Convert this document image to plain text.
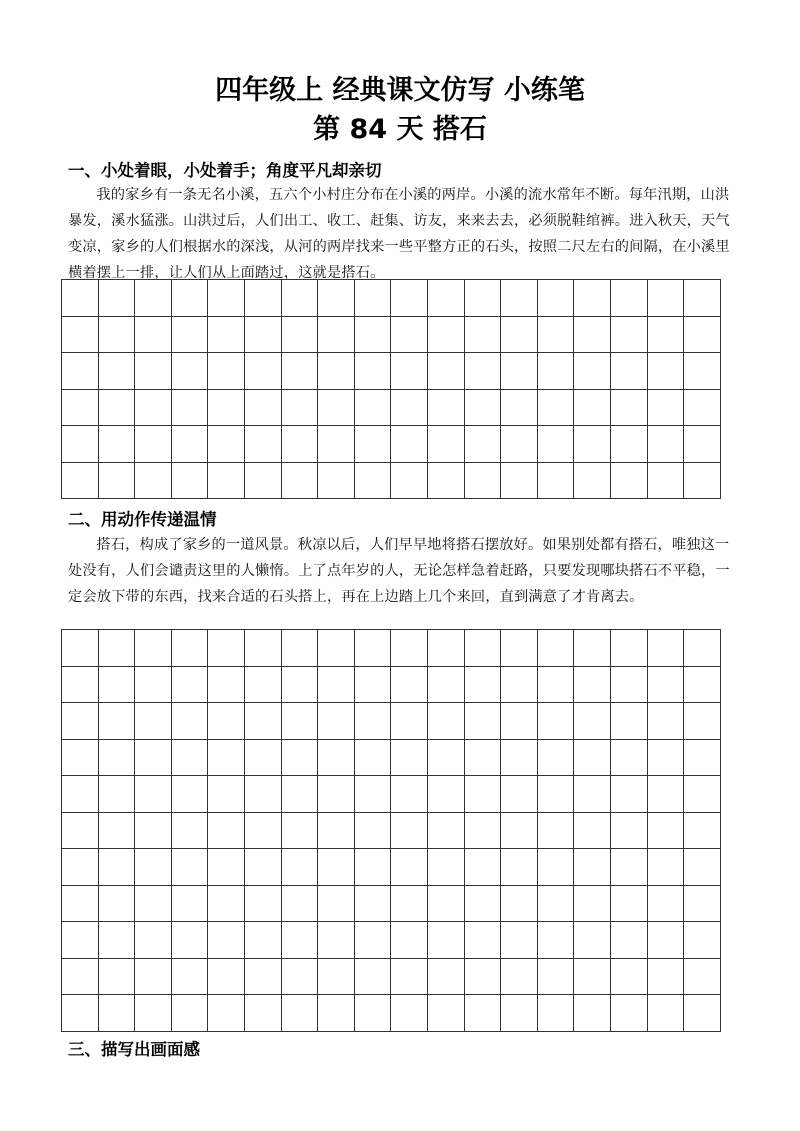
四年级上 经典课文仿写 小练笔
第 84 天 搭石
一、小处着眼，小处着手；角度平凡却亲切

我的家乡有一条无名小溪，五六个小村庄分布在小溪的两岸。小溪的流水常年不断。每年汛期，山洪暴发，溪水猛涨。山洪过后，人们出工、收工、赶集、访友，来来去去，必须脱鞋绾裤。进入秋天，天气变凉，家乡的人们根据水的深浅，从河的两岸找来一些平整方正的石头，按照二尺左右的间隔，在小溪里横着摆上一排，让人们从上面踏过，这就是搭石。

二、用动作传递温情

搭石，构成了家乡的一道风景。秋凉以后，人们早早地将搭石摆放好。如果别处都有搭石，唯独这一处没有，人们会谴责这里的人懒惰。上了点年岁的人，无论怎样急着赶路，只要发现哪块搭石不平稳，一定会放下带的东西，找来合适的石头搭上，再在上边踏上几个来回，直到满意了才肯离去。

三、描写出画面感
